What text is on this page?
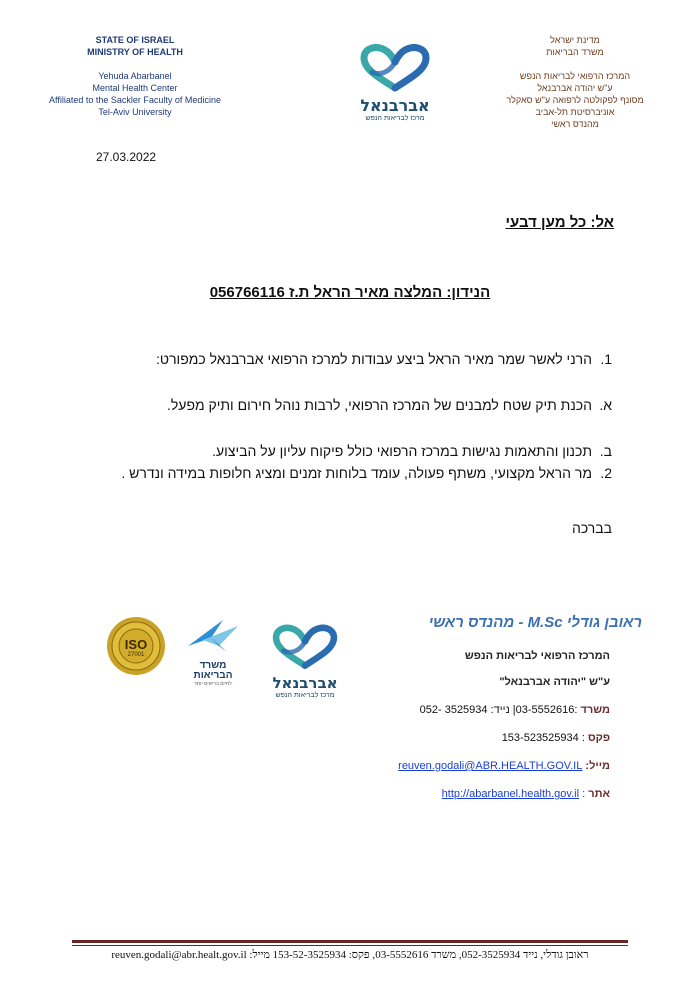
STATE OF ISRAEL
MINISTRY OF HEALTH
Yehuda Abarbanel
Mental Health Center
Affiliated to the Sackler Faculty of Medicine
Tel-Aviv University	אברבנאל
מרכז לבריאות הנפש
מדינת ישראל
משרד הבריאות
המרכז הרפואי לבריאות הנפש
ע"ש יהודה אברבנאל
מסונף לפקולטה לרפואה ע"ש סאקלר
אוניברסיטת תל-אביב
מהנדס ראשי
27.03.2022
אל: כל מען דבעי
הנידון: המלצה מאיר הראל ת.ז 056766116
1.
הרני לאשר שמר מאיר הראל ביצע עבודות למרכז הרפואי אברבנאל כמפורט:
א.
הכנת תיק שטח למבנים של המרכז הרפואי, לרבות נוהל חירום ותיק מפעל.
ב.
תכנון והתאמות נגישות במרכז הרפואי כולל פיקוח עליון על הביצוע.
2.
מר הראל מקצועי, משתף פעולה, עומד בלוחות זמנים ומציג חלופות במידה ונדרש .
בברכה
ISO
27001
משרד
הבריאות
לחיים בריאים יותר	אברבנאל
מרכז לבריאות הנפש
ראובן גודלי M.Sc - מהנדס ראשי
המרכז הרפואי לבריאות הנפש
ע"ש "יהודה אברבנאל"
משרד :03-5552616| נייד: 3525934 -052
פקס : 153-523525934
מייל: reuven.godali@ABR.HEALTH.GOV.IL
אתר : http://abarbanel.health.gov.il
ראובן גודלי, נייד 052-3525934, משרד 03-5552616, פקס: 153-52-3525934 מייל: reuven.godali@abr.healt.gov.il
